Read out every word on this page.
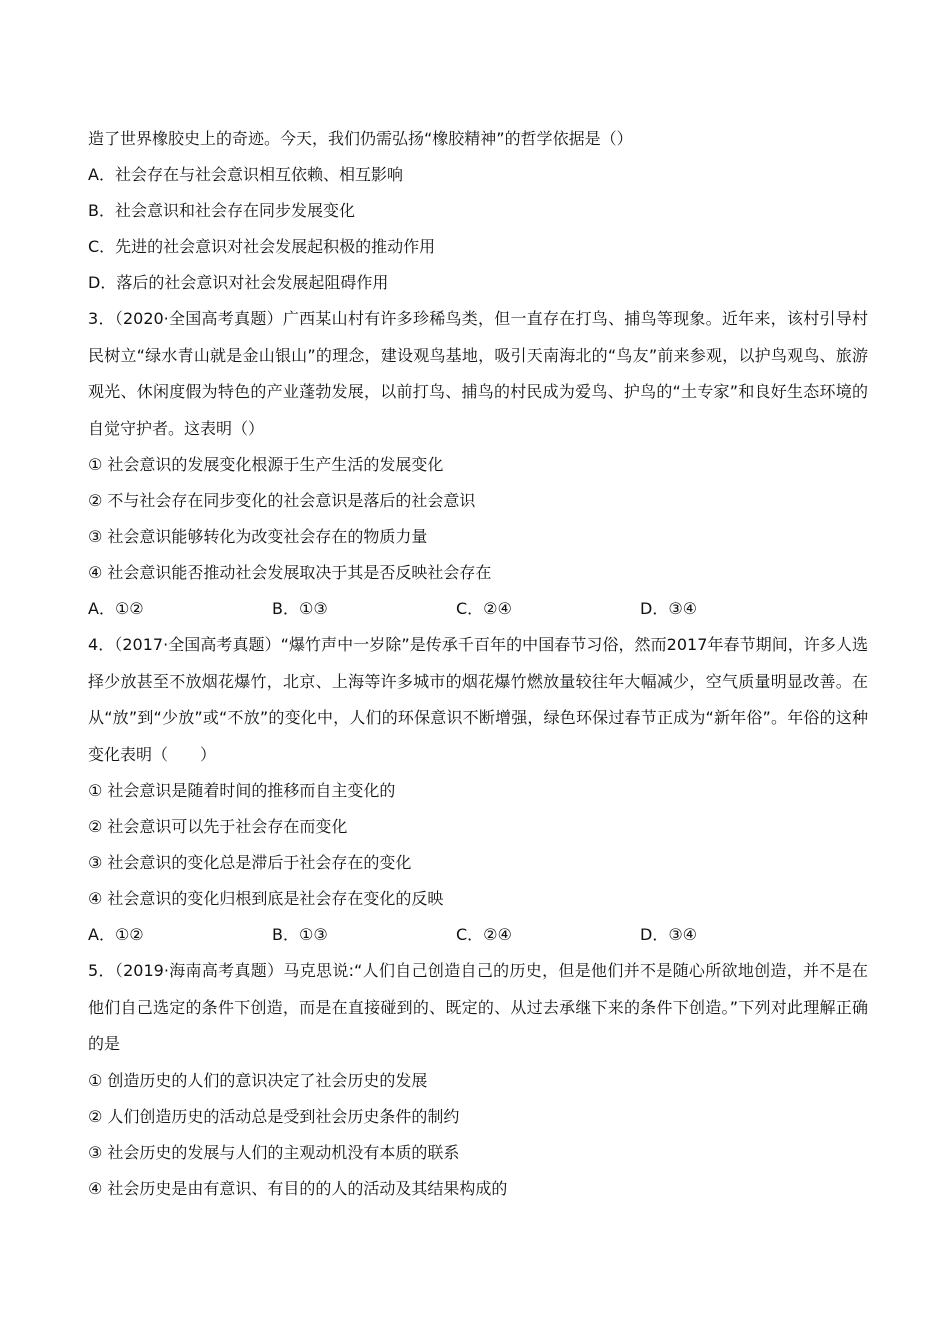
造了世界橡胶史上的奇迹。今天，我们仍需弘扬“橡胶精神”的哲学依据是（）
A．社会存在与社会意识相互依赖、相互影响
B．社会意识和社会存在同步发展变化
C．先进的社会意识对社会发展起积极的推动作用
D．落后的社会意识对社会发展起阻碍作用
3．（2020·全国高考真题）广西某山村有许多珍稀鸟类，但一直存在打鸟、捕鸟等现象。近年来，该村引导村民树立“绿水青山就是金山银山”的理念，建设观鸟基地，吸引天南海北的“鸟友”前来参观，以护鸟观鸟、旅游观光、休闲度假为特色的产业蓬勃发展，以前打鸟、捕鸟的村民成为爱鸟、护鸟的“土专家”和良好生态环境的自觉守护者。这表明（）
① 社会意识的发展变化根源于生产生活的发展变化
② 不与社会存在同步变化的社会意识是落后的社会意识
③ 社会意识能够转化为改变社会存在的物质力量
④ 社会意识能否推动社会发展取决于其是否反映社会存在
A．①②	B．①③	C．②④	D．③④
4．（2017·全国高考真题）“爆竹声中一岁除”是传承千百年的中国春节习俗，然而2017年春节期间，许多人选择少放甚至不放烟花爆竹，北京、上海等许多城市的烟花爆竹燃放量较往年大幅减少，空气质量明显改善。在从“放”到“少放”或“不放”的变化中，人们的环保意识不断增强，绿色环保过春节正成为“新年俗”。年俗的这种变化表明（　　）
① 社会意识是随着时间的推移而自主变化的
② 社会意识可以先于社会存在而变化
③ 社会意识的变化总是滞后于社会存在的变化
④ 社会意识的变化归根到底是社会存在变化的反映
A．①②	B．①③	C．②④	D．③④
5．（2019·海南高考真题）马克思说:“人们自己创造自己的历史，但是他们并不是随心所欲地创造，并不是在他们自己选定的条件下创造，而是在直接碰到的、既定的、从过去承继下来的条件下创造。”下列对此理解正确的是
① 创造历史的人们的意识决定了社会历史的发展
② 人们创造历史的活动总是受到社会历史条件的制约
③ 社会历史的发展与人们的主观动机没有本质的联系
④ 社会历史是由有意识、有目的的人的活动及其结果构成的
